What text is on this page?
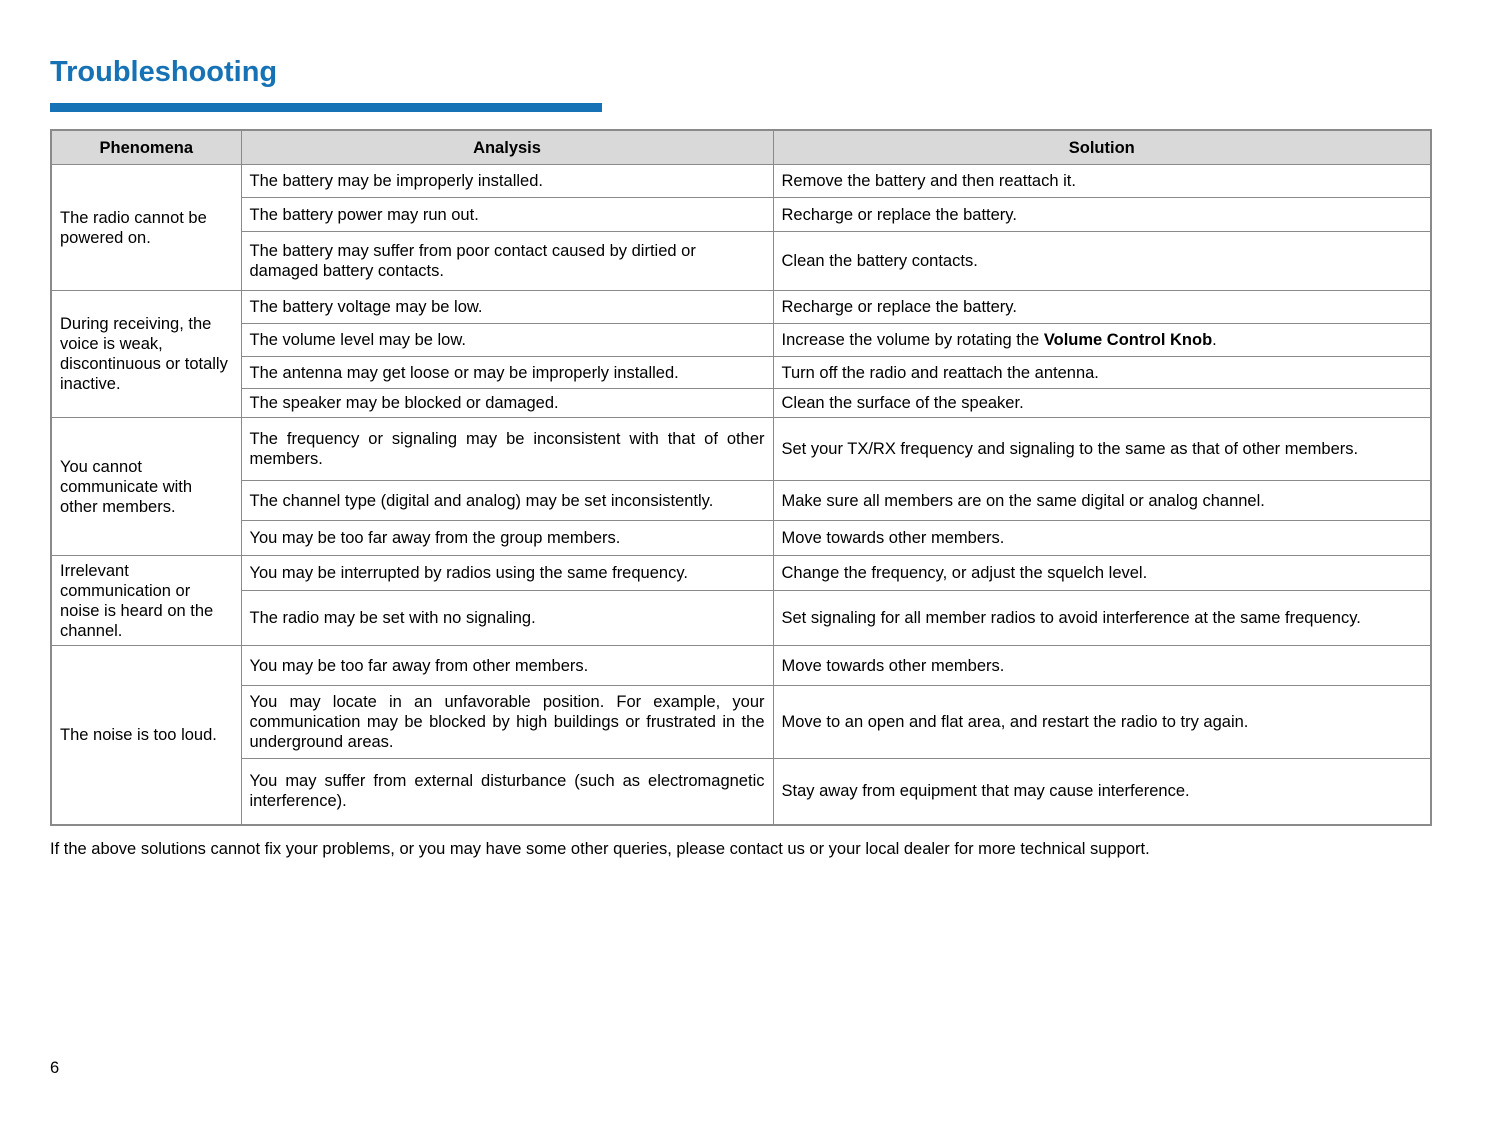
Troubleshooting
Phenomena	Analysis	Solution
The radio cannot be powered on.	The battery may be improperly installed.	Remove the battery and then reattach it.
	The battery power may run out.	Recharge or replace the battery.
	The battery may suffer from poor contact caused by dirtied or damaged battery contacts.	Clean the battery contacts.
During receiving, the voice is weak, discontinuous or totally inactive.	The battery voltage may be low.	Recharge or replace the battery.
	The volume level may be low.	Increase the volume by rotating the Volume Control Knob.
	The antenna may get loose or may be improperly installed.	Turn off the radio and reattach the antenna.
	The speaker may be blocked or damaged.	Clean the surface of the speaker.
You cannot communicate with other members.	The frequency or signaling may be inconsistent with that of other members.	Set your TX/RX frequency and signaling to the same as that of other members.
	The channel type (digital and analog) may be set inconsistently.	Make sure all members are on the same digital or analog channel.
	You may be too far away from the group members.	Move towards other members.
Irrelevant communication or noise is heard on the channel.	You may be interrupted by radios using the same frequency.	Change the frequency, or adjust the squelch level.
	The radio may be set with no signaling.	Set signaling for all member radios to avoid interference at the same frequency.
The noise is too loud.	You may be too far away from other members.	Move towards other members.
	You may locate in an unfavorable position. For example, your communication may be blocked by high buildings or frustrated in the underground areas.	Move to an open and flat area, and restart the radio to try again.
	You may suffer from external disturbance (such as electromagnetic interference).	Stay away from equipment that may cause interference.
If the above solutions cannot fix your problems, or you may have some other queries, please contact us or your local dealer for more technical support.
6
